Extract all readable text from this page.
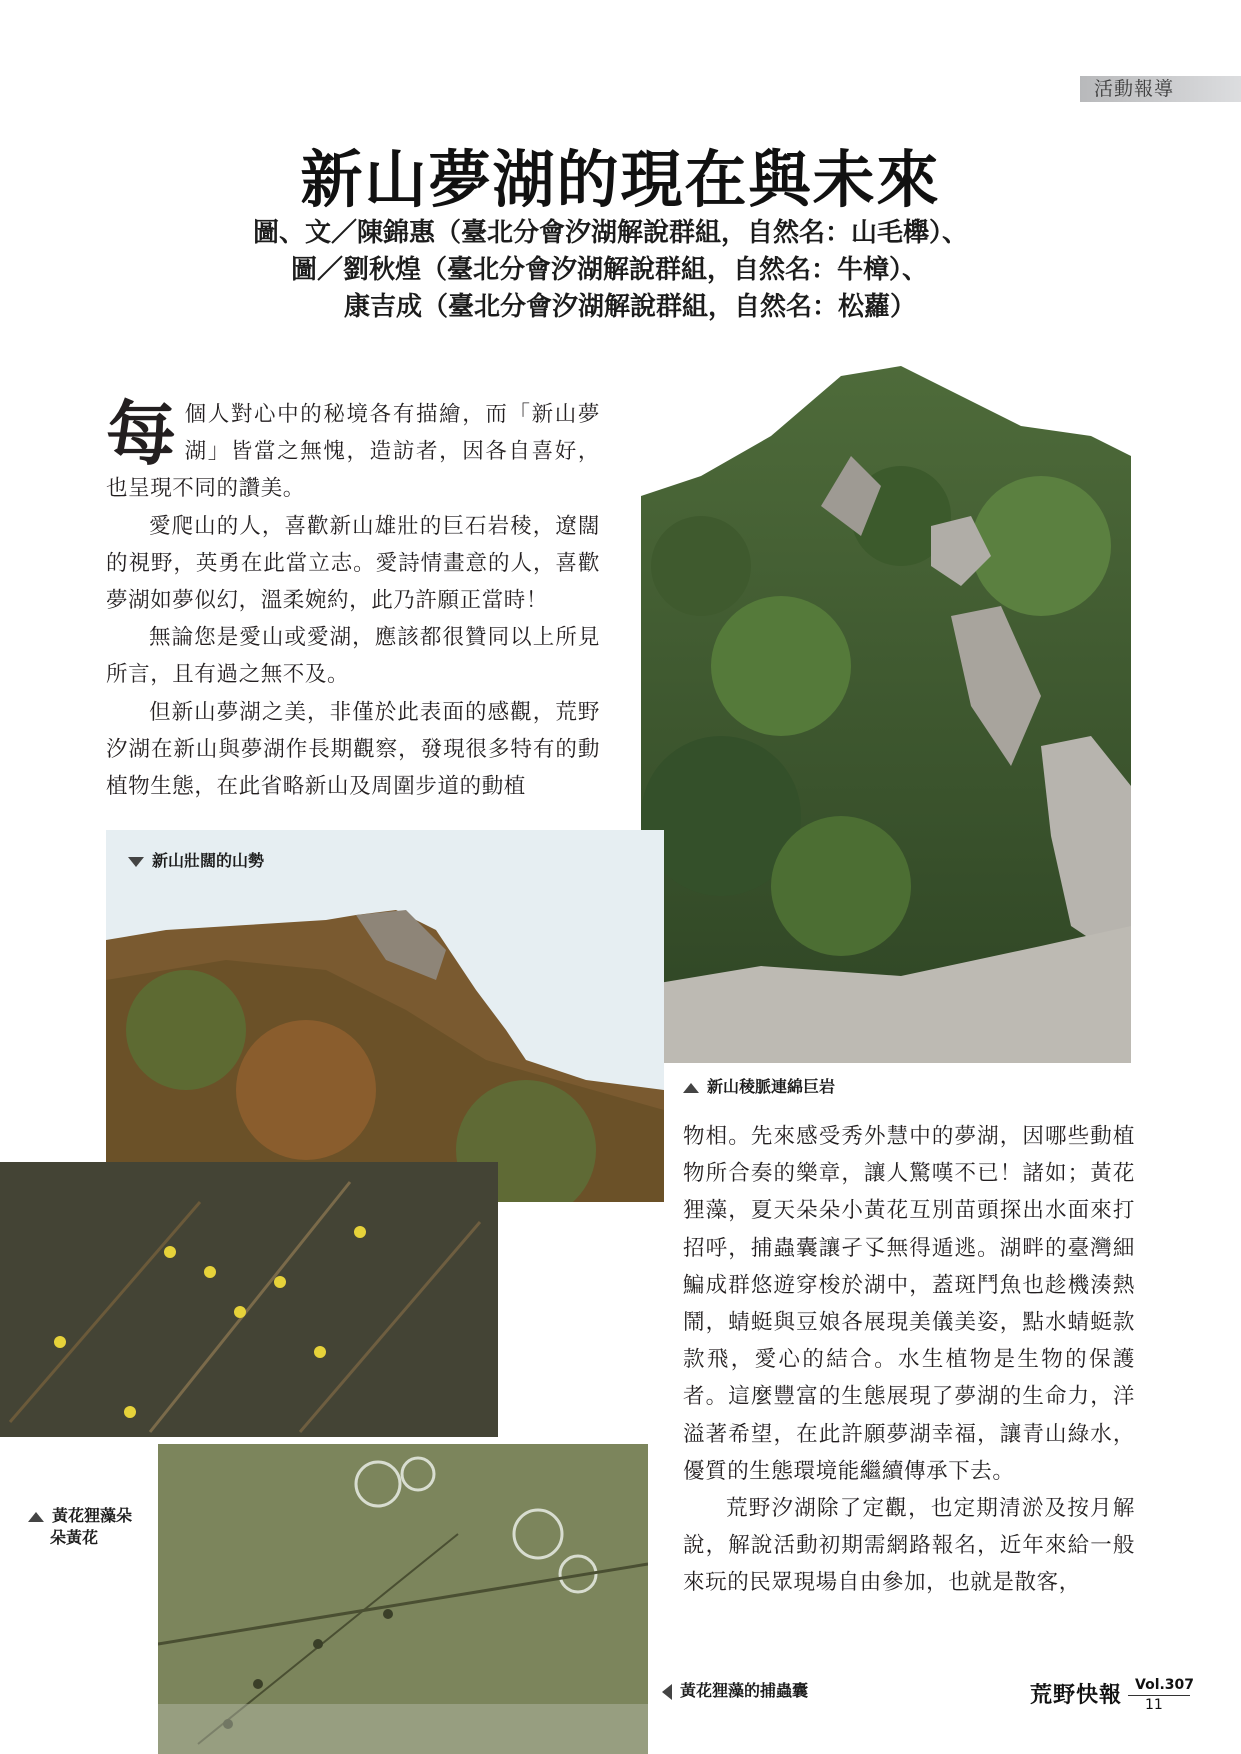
活動報導
新山夢湖的現在與未來
圖、文／陳錦惠（臺北分會汐湖解說群組，自然名：山毛櫸）、
圖／劉秋煌（臺北分會汐湖解說群組，自然名：牛樟）、
康吉成（臺北分會汐湖解說群組，自然名：松蘿）
每 個人對心中的秘境各有描繪，而「新山夢湖」皆當之無愧，造訪者，因各自喜好，也呈現不同的讚美。

愛爬山的人，喜歡新山雄壯的巨石岩稜，遼闊的視野，英勇在此當立志。愛詩情畫意的人，喜歡夢湖如夢似幻，溫柔婉約，此乃許願正當時！

無論您是愛山或愛湖，應該都很贊同以上所見所言，且有過之無不及。

但新山夢湖之美，非僅於此表面的感觀，荒野汐湖在新山與夢湖作長期觀察，發現很多特有的動植物生態，在此省略新山及周圍步道的動植

新山壯闊的山勢
新山稜脈連綿巨岩
黃花狸藻朵
朵黃花

物相。先來感受秀外慧中的夢湖，因哪些動植物所合奏的樂章，讓人驚嘆不已！諸如；黃花狸藻，夏天朵朵小黃花互別苗頭探出水面來打招呼，捕蟲囊讓孑孓無得遁逃。湖畔的臺灣細鯿成群悠遊穿梭於湖中，蓋斑鬥魚也趁機湊熱鬧，蜻蜓與豆娘各展現美儀美姿，點水蜻蜓款款飛，愛心的結合。水生植物是生物的保護者。這麼豐富的生態展現了夢湖的生命力，洋溢著希望，在此許願夢湖幸福，讓青山綠水，優質的生態環境能繼續傳承下去。

荒野汐湖除了定觀，也定期清淤及按月解說，解說活動初期需網路報名，近年來給一般來玩的民眾現場自由參加，也就是散客，

黃花狸藻的捕蟲囊	荒野快報 Vol.307
11
